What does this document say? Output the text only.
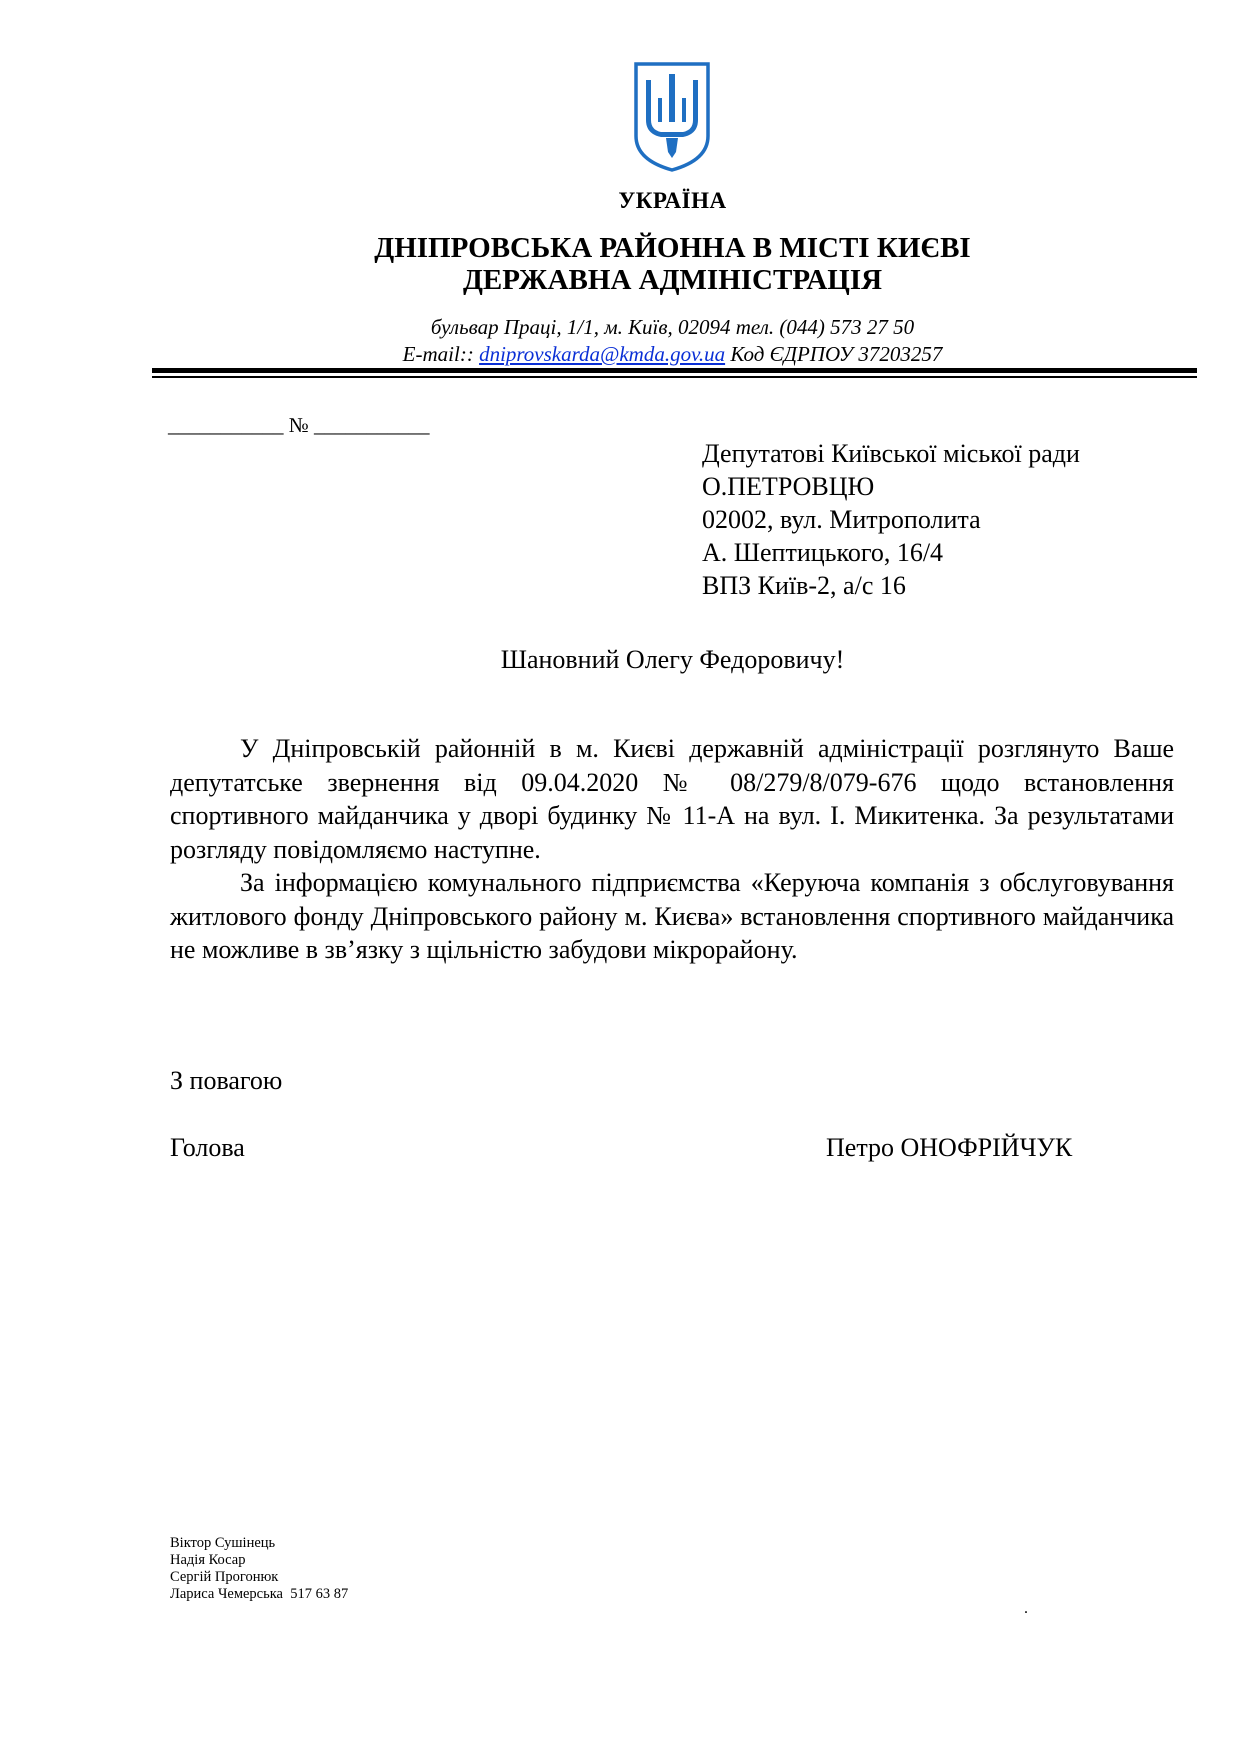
УКРАЇНА
ДНІПРОВСЬКА РАЙОННА В МІСТІ КИЄВІ
ДЕРЖАВНА АДМІНІСТРАЦІЯ
бульвар Праці, 1/1, м. Київ, 02094 тел. (044) 573 27 50
E-mail:: dniprovskarda@kmda.gov.ua Код ЄДРПОУ 37203257
___________ № ___________
Депутатові Київської міської ради
О.ПЕТРОВЦЮ
02002, вул. Митрополита
А. Шептицького, 16/4
ВПЗ Київ-2, а/с 16
Шановний Олегу Федоровичу!

У Дніпровській районній в м. Києві державній адміністрації розглянуто Ваше депутатське звернення від 09.04.2020 № 08/279/8/079-676 щодо встановлення спортивного майданчика у дворі будинку № 11-А на вул. І. Микитенка. За результатами розгляду повідомляємо наступне.

За інформацією комунального підприємства «Керуюча компанія з обслуговування житлового фонду Дніпровського району м. Києва» встановлення спортивного майданчика не можливе в зв’язку з щільністю забудови мікрорайону.

З повагою
Голова	Петро ОНОФРІЙЧУК
Віктор Сушінець
Надія Косар
Сергій Прогонюк
Лариса Чемерська  517 63 87
.
